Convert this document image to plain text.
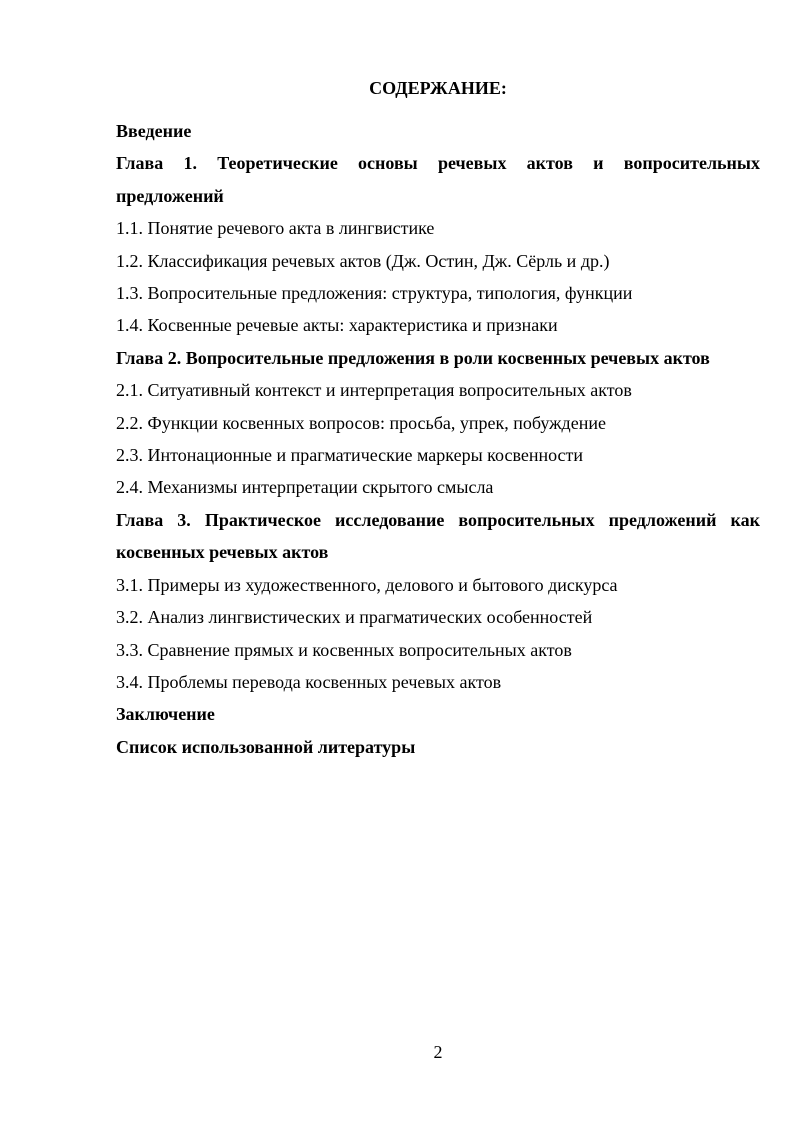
СОДЕРЖАНИЕ:
Введение
Глава 1. Теоретические основы речевых актов и вопросительных предложений
1.1. Понятие речевого акта в лингвистике
1.2. Классификация речевых актов (Дж. Остин, Дж. Сёрль и др.)
1.3. Вопросительные предложения: структура, типология, функции
1.4. Косвенные речевые акты: характеристика и признаки
Глава 2. Вопросительные предложения в роли косвенных речевых актов
2.1. Ситуативный контекст и интерпретация вопросительных актов
2.2. Функции косвенных вопросов: просьба, упрек, побуждение
2.3. Интонационные и прагматические маркеры косвенности
2.4. Механизмы интерпретации скрытого смысла
Глава 3. Практическое исследование вопросительных предложений как косвенных речевых актов
3.1. Примеры из художественного, делового и бытового дискурса
3.2. Анализ лингвистических и прагматических особенностей
3.3. Сравнение прямых и косвенных вопросительных актов
3.4. Проблемы перевода косвенных речевых актов
Заключение
Список использованной литературы
2
